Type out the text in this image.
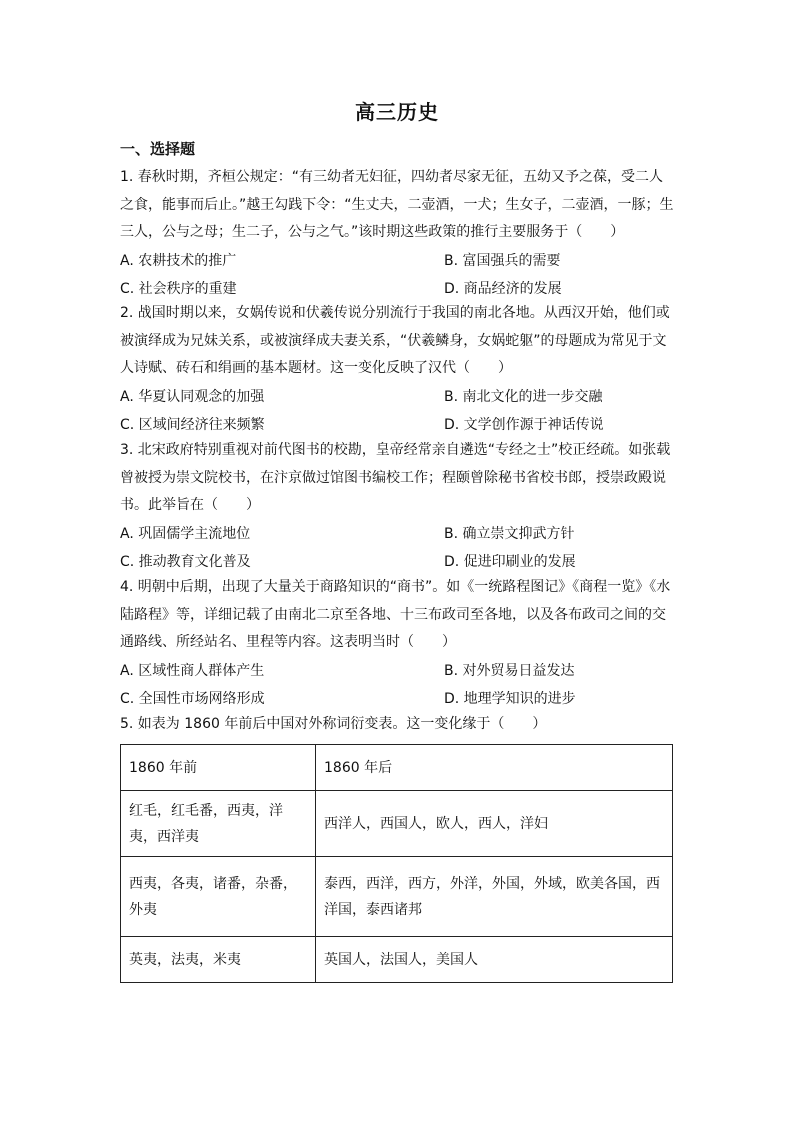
高三历史
一、选择题
1. 春秋时期，齐桓公规定：“有三幼者无妇征，四幼者尽家无征，五幼又予之葆，受二人之食，能事而后止。”越王勾践下令：“生丈夫，二壶酒，一犬；生女子，二壶酒，一豚；生三人，公与之母；生二子，公与之气。”该时期这些政策的推行主要服务于（　　）
A. 农耕技术的推广	B. 富国强兵的需要
C. 社会秩序的重建	D. 商品经济的发展
2. 战国时期以来，女娲传说和伏羲传说分别流行于我国的南北各地。从西汉开始，他们或被演绎成为兄妹关系，或被演绎成夫妻关系，“伏羲鳞身，女娲蛇躯”的母题成为常见于文人诗赋、砖石和绢画的基本题材。这一变化反映了汉代（　　）
A. 华夏认同观念的加强	B. 南北文化的进一步交融
C. 区域间经济往来频繁	D. 文学创作源于神话传说
3. 北宋政府特别重视对前代图书的校勘，皇帝经常亲自遴选“专经之士”校正经疏。如张载曾被授为崇文院校书，在汴京做过馆图书编校工作；程颐曾除秘书省校书郎，授崇政殿说书。此举旨在（　　）
A. 巩固儒学主流地位	B. 确立崇文抑武方针
C. 推动教育文化普及	D. 促进印刷业的发展
4. 明朝中后期，出现了大量关于商路知识的“商书”。如《一统路程图记》《商程一览》《水陆路程》等，详细记载了由南北二京至各地、十三布政司至各地，以及各布政司之间的交通路线、所经站名、里程等内容。这表明当时（　　）
A. 区域性商人群体产生	B. 对外贸易日益发达
C. 全国性市场网络形成	D. 地理学知识的进步
5. 如表为 1860 年前后中国对外称词衍变表。这一变化缘于（　　）
1860 年前	1860 年后
红毛，红毛番，西夷，洋夷，西洋夷	西洋人，西国人，欧人，西人，洋妇
西夷，各夷，诸番，杂番，外夷	泰西，西洋，西方，外洋，外国，外域，欧美各国，西洋国，泰西诸邦
英夷，法夷，米夷	英国人，法国人，美国人
